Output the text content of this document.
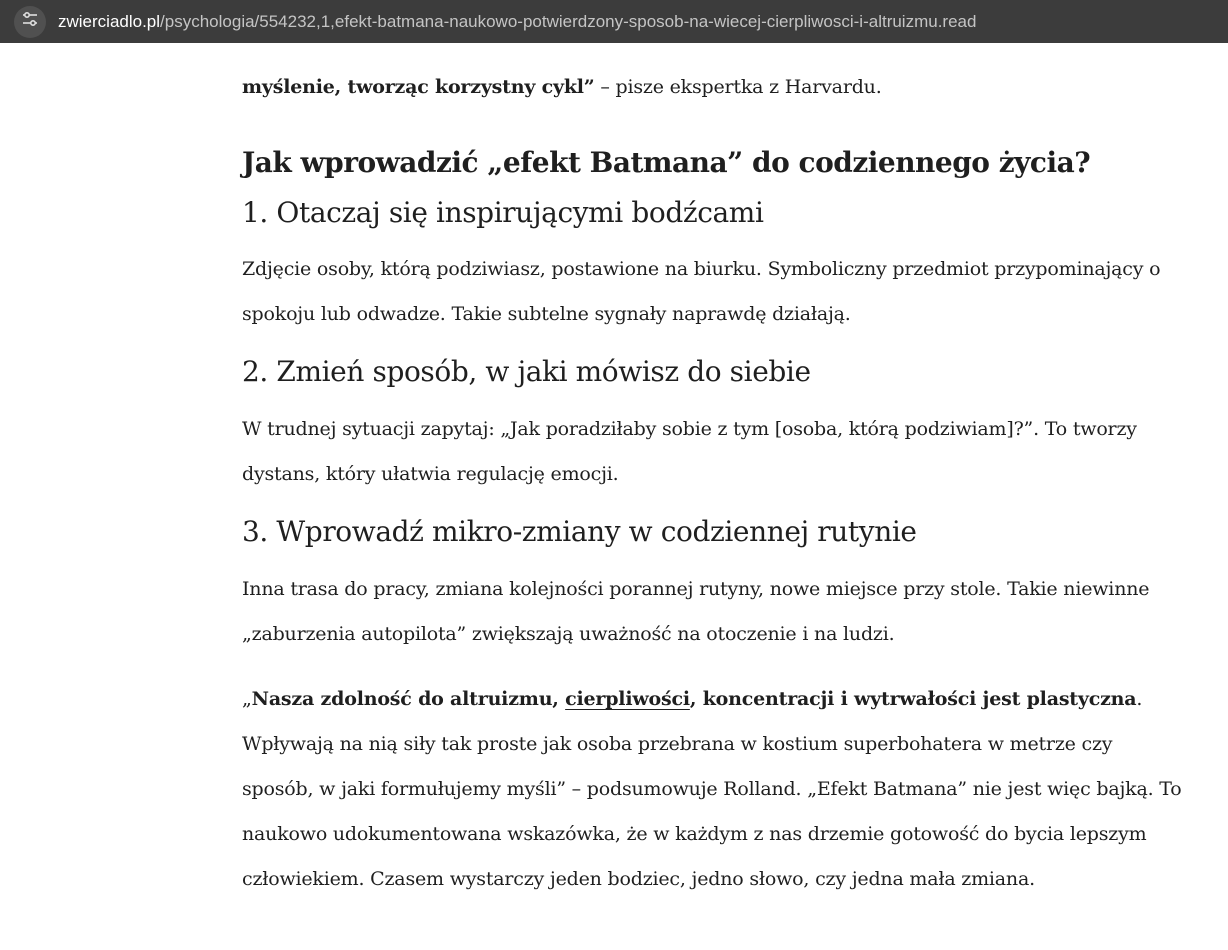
myślenie, tworząc korzystny cykl” – pisze ekspertka z Harvardu.

Jak wprowadzić „efekt Batmana” do codziennego życia?
1. Otaczaj się inspirującymi bodźcami

Zdjęcie osoby, którą podziwiasz, postawione na biurku. Symboliczny przedmiot przypominający o spokoju lub odwadze. Takie subtelne sygnały naprawdę działają.

2. Zmień sposób, w jaki mówisz do siebie

W trudnej sytuacji zapytaj: „Jak poradziłaby sobie z tym [osoba, którą podziwiam]?”. To tworzy dystans, który ułatwia regulację emocji.

3. Wprowadź mikro-zmiany w codziennej rutynie

Inna trasa do pracy, zmiana kolejności porannej rutyny, nowe miejsce przy stole. Takie niewinne „zaburzenia autopilota” zwiększają uważność na otoczenie i na ludzi.

„Nasza zdolność do altruizmu, cierpliwości, koncentracji i wytrwałości jest plastyczna. Wpływają na nią siły tak proste jak osoba przebrana w kostium superbohatera w metrze czy sposób, w jaki formułujemy myśli” – podsumowuje Rolland. „Efekt Batmana” nie jest więc bajką. To naukowo udokumentowana wskazówka, że w każdym z nas drzemie gotowość do bycia lepszym człowiekiem. Czasem wystarczy jeden bodziec, jedno słowo, czy jedna mała zmiana.

zwierciadlo.pl/psychologia/554232,1,efekt-batmana-naukowo-potwierdzony-sposob-na-wiecej-cierpliwosci-i-altruizmu.read
